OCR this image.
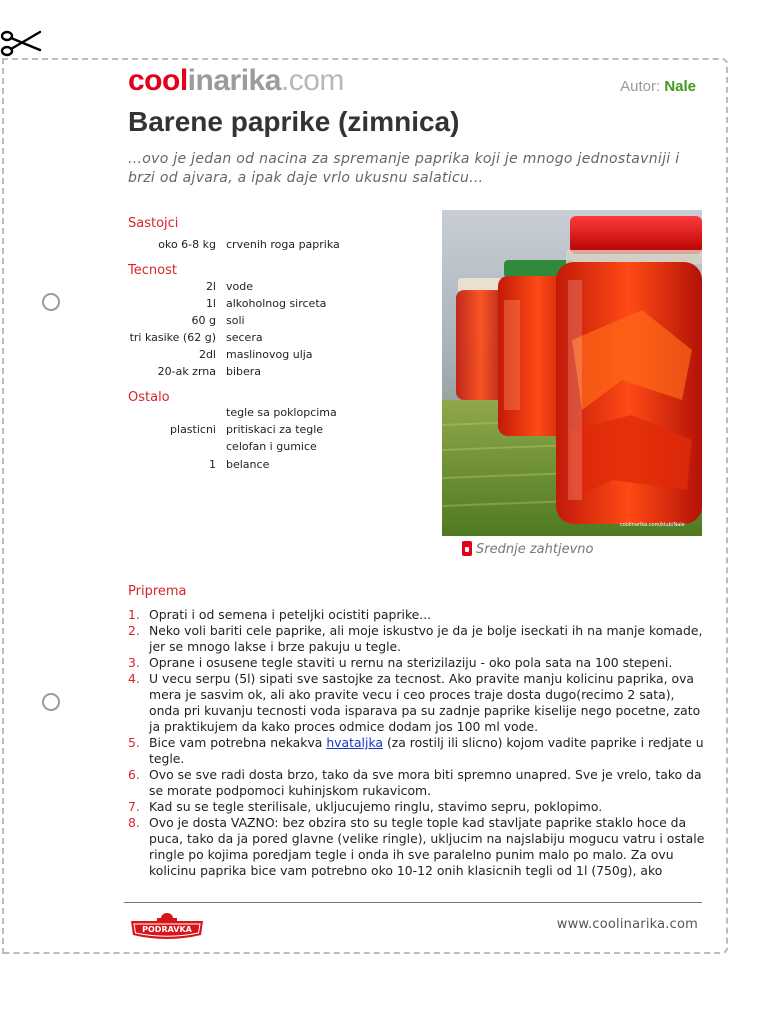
coolinarika.com	Autor: Nale
Barene paprike (zimnica)
...ovo je jedan od nacina za spremanje paprika koji je mnogo jednostavniji i brzi od ajvara, a ipak daje vrlo ukusnu salaticu...
Sastojci
oko 6-8 kg crvenih roga paprika
Tecnost
2l vode
1l alkoholnog sirceta
60 g soli
tri kasike (62 g) secera
2dl maslinovog ulja
20-ak zrna bibera
Ostalo
tegle sa poklopcima
plasticni pritiskaci za tegle
celofan i gumice
1 belance
coolinarika.com/klub/Nale
Srednje zahtjevno
Priprema
1. Oprati i od semena i peteljki ocistiti paprike...
2. Neko voli bariti cele paprike, ali moje iskustvo je da je bolje iseckati ih na manje komade, jer se mnogo lakse i brze pakuju u tegle.
3. Oprane i osusene tegle staviti u rernu na sterizilaziju - oko pola sata na 100 stepeni.
4. U vecu serpu (5l) sipati sve sastojke za tecnost. Ako pravite manju kolicinu paprika, ova mera je sasvim ok, ali ako pravite vecu i ceo proces traje dosta dugo(recimo 2 sata), onda pri kuvanju tecnosti voda isparava pa su zadnje paprike kiselije nego pocetne, zato ja praktikujem da kako proces odmice dodam jos 100 ml vode.
5. Bice vam potrebna nekakva hvataljka (za rostilj ili slicno) kojom vadite paprike i redjate u tegle.
6. Ovo se sve radi dosta brzo, tako da sve mora biti spremno unapred. Sve je vrelo, tako da se morate podpomoci kuhinjskom rukavicom.
7. Kad su se tegle sterilisale, ukljucujemo ringlu, stavimo sepru, poklopimo.
8. Ovo je dosta VAZNO: bez obzira sto su tegle tople kad stavljate paprike staklo hoce da puca, tako da ja pored glavne (velike ringle), ukljucim na najslabiju mogucu vatru i ostale ringle po kojima poredjam tegle i onda ih sve paralelno punim malo po malo. Za ovu kolicinu paprika bice vam potrebno oko 10-12 onih klasicnih tegli od 1l (750g), ako
PODRAVKA	www.coolinarika.com
